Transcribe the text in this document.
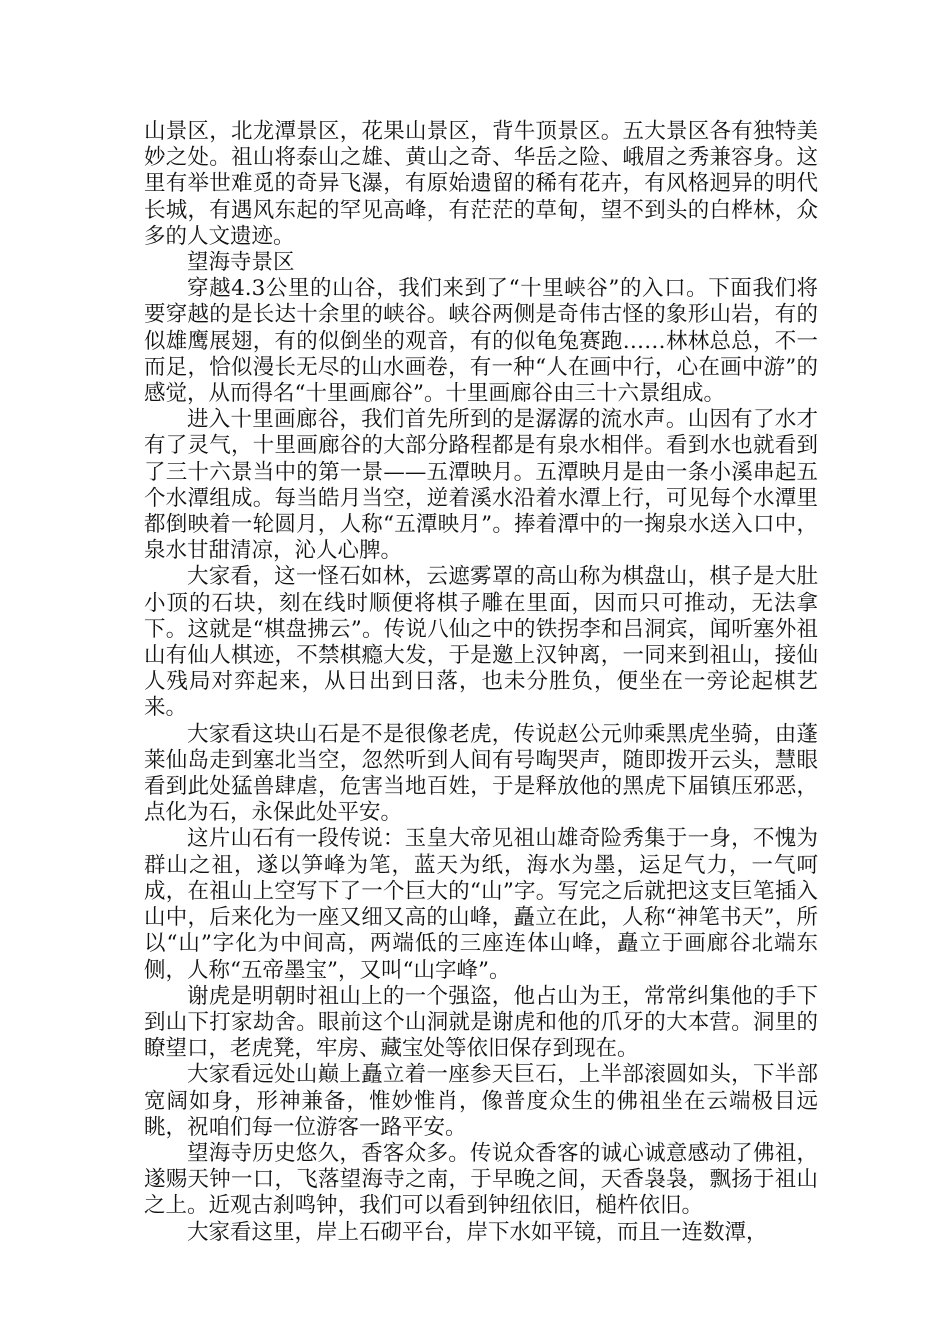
山景区，北龙潭景区，花果山景区，背牛顶景区。五大景区各有独特美妙之处。祖山将泰山之雄、黄山之奇、华岳之险、峨眉之秀兼容身。这里有举世难觅的奇异飞瀑，有原始遗留的稀有花卉，有风格迥异的明代长城，有遇风东起的罕见高峰，有茫茫的草甸，望不到头的白桦林，众多的人文遗迹。

望海寺景区

穿越4.3公里的山谷，我们来到了“十里峡谷”的入口。下面我们将要穿越的是长达十余里的峡谷。峡谷两侧是奇伟古怪的象形山岩，有的似雄鹰展翅，有的似倒坐的观音，有的似龟兔赛跑……林林总总，不一而足，恰似漫长无尽的山水画卷，有一种“人在画中行，心在画中游”的感觉，从而得名“十里画廊谷”。十里画廊谷由三十六景组成。

进入十里画廊谷，我们首先所到的是潺潺的流水声。山因有了水才有了灵气，十里画廊谷的大部分路程都是有泉水相伴。看到水也就看到了三十六景当中的第一景——五潭映月。五潭映月是由一条小溪串起五个水潭组成。每当皓月当空，逆着溪水沿着水潭上行，可见每个水潭里都倒映着一轮圆月，人称“五潭映月”。捧着潭中的一掬泉水送入口中，泉水甘甜清凉，沁人心脾。

大家看，这一怪石如林，云遮雾罩的高山称为棋盘山，棋子是大肚小顶的石块，刻在线时顺便将棋子雕在里面，因而只可推动，无法拿下。这就是“棋盘拂云”。传说八仙之中的铁拐李和吕洞宾，闻听塞外祖山有仙人棋迹，不禁棋瘾大发，于是邀上汉钟离，一同来到祖山，接仙人残局对弈起来，从日出到日落，也未分胜负，便坐在一旁论起棋艺来。

大家看这块山石是不是很像老虎，传说赵公元帅乘黑虎坐骑，由蓬莱仙岛走到塞北当空，忽然听到人间有号啕哭声，随即拨开云头，慧眼看到此处猛兽肆虐，危害当地百姓，于是释放他的黑虎下届镇压邪恶，点化为石，永保此处平安。

这片山石有一段传说：玉皇大帝见祖山雄奇险秀集于一身，不愧为群山之祖，遂以笋峰为笔，蓝天为纸，海水为墨，运足气力，一气呵成，在祖山上空写下了一个巨大的“山”字。写完之后就把这支巨笔插入山中，后来化为一座又细又高的山峰，矗立在此，人称“神笔书天”，所以“山”字化为中间高，两端低的三座连体山峰，矗立于画廊谷北端东侧，人称“五帝墨宝”，又叫“山字峰”。

谢虎是明朝时祖山上的一个强盗，他占山为王，常常纠集他的手下到山下打家劫舍。眼前这个山洞就是谢虎和他的爪牙的大本营。洞里的瞭望口，老虎凳，牢房、藏宝处等依旧保存到现在。

大家看远处山巅上矗立着一座参天巨石，上半部滚圆如头，下半部宽阔如身，形神兼备，惟妙惟肖，像普度众生的佛祖坐在云端极目远眺，祝咱们每一位游客一路平安。

望海寺历史悠久，香客众多。传说众香客的诚心诚意感动了佛祖，遂赐天钟一口，飞落望海寺之南，于早晚之间，天香袅袅，飘扬于祖山之上。近观古刹鸣钟，我们可以看到钟纽依旧，槌杵依旧。

大家看这里，岸上石砌平台，岸下水如平镜，而且一连数潭，
